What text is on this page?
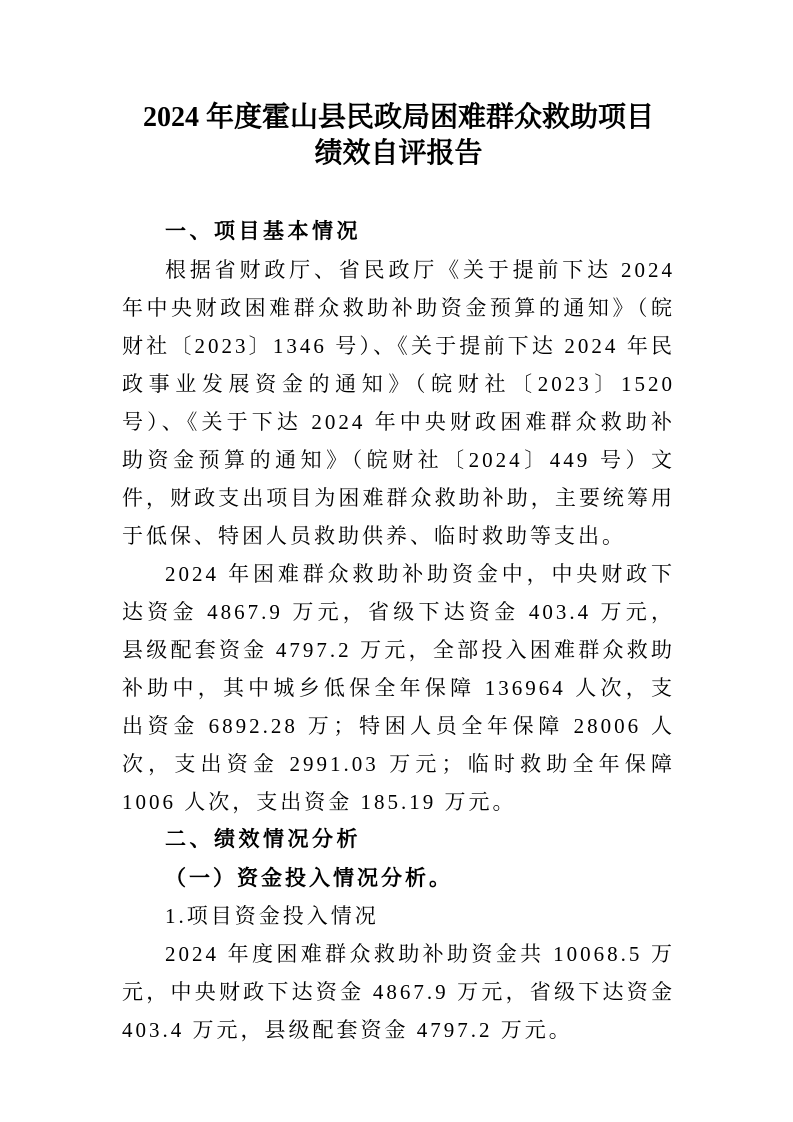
2024 年度霍山县民政局困难群众救助项目
绩效自评报告
一、项目基本情况

根据省财政厅、省民政厅《关于提前下达 2024 年中央财政困难群众救助补助资金预算的通知》（皖财社〔2023〕1346 号）、《关于提前下达 2024 年民政事业发展资金的通知》（皖财社〔2023〕1520 号）、《关于下达 2024 年中央财政困难群众救助补助资金预算的通知》（皖财社〔2024〕449 号）文件，财政支出项目为困难群众救助补助，主要统筹用于低保、特困人员救助供养、临时救助等支出。

2024 年困难群众救助补助资金中，中央财政下达资金 4867.9 万元，省级下达资金 403.4 万元，县级配套资金 4797.2 万元，全部投入困难群众救助补助中，其中城乡低保全年保障 136964 人次，支出资金 6892.28 万；特困人员全年保障 28006 人次，支出资金 2991.03 万元；临时救助全年保障 1006 人次，支出资金 185.19 万元。

二、绩效情况分析
（一）资金投入情况分析。
1.项目资金投入情况

2024 年度困难群众救助补助资金共 10068.5 万元，中央财政下达资金 4867.9 万元，省级下达资金 403.4 万元，县级配套资金 4797.2 万元。
